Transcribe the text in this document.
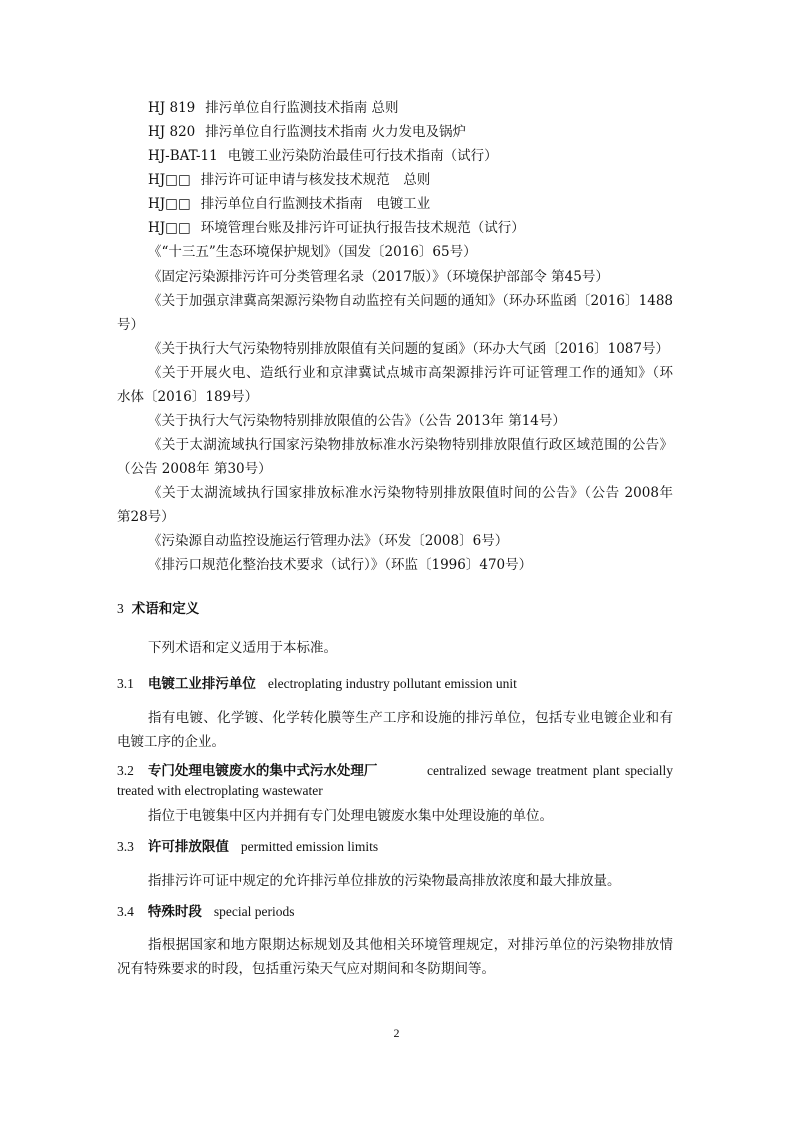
HJ 819 排污单位自行监测技术指南 总则
HJ 820 排污单位自行监测技术指南 火力发电及锅炉
HJ-BAT-11 电镀工业污染防治最佳可行技术指南（试行）
HJ□□ 排污许可证申请与核发技术规范　总则
HJ□□ 排污单位自行监测技术指南　电镀工业
HJ□□ 环境管理台账及排污许可证执行报告技术规范（试行）
《“十三五”生态环境保护规划》（国发〔2016〕65号）
《固定污染源排污许可分类管理名录（2017版）》（环境保护部部令 第45号）
《关于加强京津冀高架源污染物自动监控有关问题的通知》（环办环监函〔2016〕1488
号）
《关于执行大气污染物特别排放限值有关问题的复函》（环办大气函〔2016〕1087号）
《关于开展火电、造纸行业和京津冀试点城市高架源排污许可证管理工作的通知》（环
水体〔2016〕189号）
《关于执行大气污染物特别排放限值的公告》（公告 2013年 第14号）
《关于太湖流域执行国家污染物排放标准水污染物特别排放限值行政区域范围的公告》
（公告 2008年 第30号）
《关于太湖流域执行国家排放标准水污染物特别排放限值时间的公告》（公告 2008年
第28号）
《污染源自动监控设施运行管理办法》（环发〔2008〕6号）
《排污口规范化整治技术要求（试行）》（环监〔1996〕470号）
3 术语和定义
下列术语和定义适用于本标准。
3.1 电镀工业排污单位 electroplating industry pollutant emission unit
指有电镀、化学镀、化学转化膜等生产工序和设施的排污单位，包括专业电镀企业和有
电镀工序的企业。
3.2 专门处理电镀废水的集中式污水处理厂	centralized sewage treatment plant specially
treated with electroplating wastewater
指位于电镀集中区内并拥有专门处理电镀废水集中处理设施的单位。
3.3 许可排放限值 permitted emission limits
指排污许可证中规定的允许排污单位排放的污染物最高排放浓度和最大排放量。
3.4 特殊时段 special periods
指根据国家和地方限期达标规划及其他相关环境管理规定，对排污单位的污染物排放情
况有特殊要求的时段，包括重污染天气应对期间和冬防期间等。
2
